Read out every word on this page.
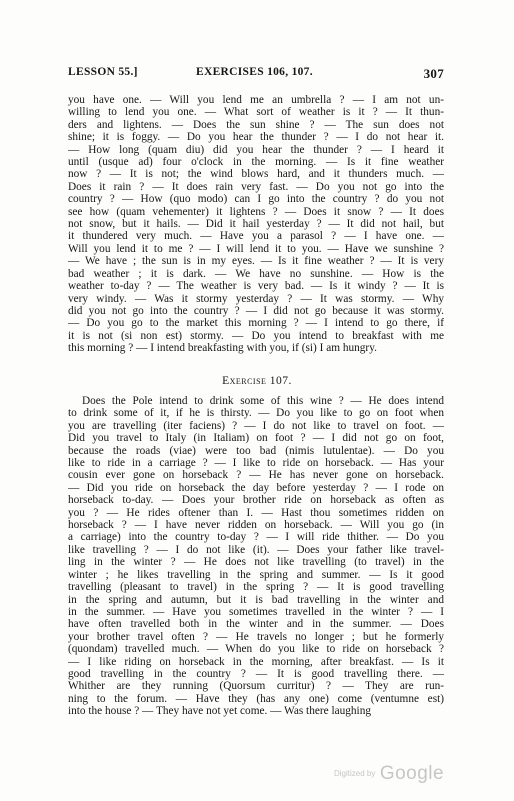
LESSON 55.]	EXERCISES 106, 107.	307

you have one. — Will you lend me an umbrella ? — I am not un-

willing to lend you one. — What sort of weather is it ? — It thun-

ders and lightens. — Does the sun shine ? — The sun does not

shine; it is foggy. — Do you hear the thunder ? — I do not hear it.

— How long (quam diu) did you hear the thunder ? — I heard it

until (usque ad) four o'clock in the morning. — Is it fine weather

now ? — It is not; the wind blows hard, and it thunders much. —

Does it rain ? — It does rain very fast. — Do you not go into the

country ? — How (quo modo) can I go into the country ? do you not

see how (quam vehementer) it lightens ? — Does it snow ? — It does

not snow, but it hails. — Did it hail yesterday ? — It did not hail, but

it thundered very much. — Have you a parasol ? — I have one. —

Will you lend it to me ? — I will lend it to you. — Have we sunshine ?

— We have ; the sun is in my eyes. — Is it fine weather ? — It is very

bad weather ; it is dark. — We have no sunshine. — How is the

weather to-day ? — The weather is very bad. — Is it windy ? — It is

very windy. — Was it stormy yesterday ? — It was stormy. — Why

did you not go into the country ? — I did not go because it was stormy.

— Do you go to the market this morning ? — I intend to go there, if

it is not (si non est) stormy. — Do you intend to breakfast with me

this morning ? — I intend breakfasting with you, if (si) I am hungry.

Exercise 107.

Does the Pole intend to drink some of this wine ? — He does intend

to drink some of it, if he is thirsty. — Do you like to go on foot when

you are travelling (iter faciens) ? — I do not like to travel on foot. —

Did you travel to Italy (in Italiam) on foot ? — I did not go on foot,

because the roads (viae) were too bad (nimis lutulentae). — Do you

like to ride in a carriage ? — I like to ride on horseback. — Has your

cousin ever gone on horseback ? — He has never gone on horseback.

— Did you ride on horseback the day before yesterday ? — I rode on

horseback to-day. — Does your brother ride on horseback as often as

you ? — He rides oftener than I. — Hast thou sometimes ridden on

horseback ? — I have never ridden on horseback. — Will you go (in

a carriage) into the country to-day ? — I will ride thither. — Do you

like travelling ? — I do not like (it). — Does your father like travel-

ling in the winter ? — He does not like travelling (to travel) in the

winter ; he likes travelling in the spring and summer. — Is it good

travelling (pleasant to travel) in the spring ? — It is good travelling

in the spring and autumn, but it is bad travelling in the winter and

in the summer. — Have you sometimes travelled in the winter ? — I

have often travelled both in the winter and in the summer. — Does

your brother travel often ? — He travels no longer ; but he formerly

(quondam) travelled much. — When do you like to ride on horseback ?

— I like riding on horseback in the morning, after breakfast. — Is it

good travelling in the country ? — It is good travelling there. —

Whither are they running (Quorsum curritur) ? — They are run-

ning to the forum. — Have they (has any one) come (ventumne est)

into the house ? — They have not yet come. — Was there laughing

Digitized by Google
